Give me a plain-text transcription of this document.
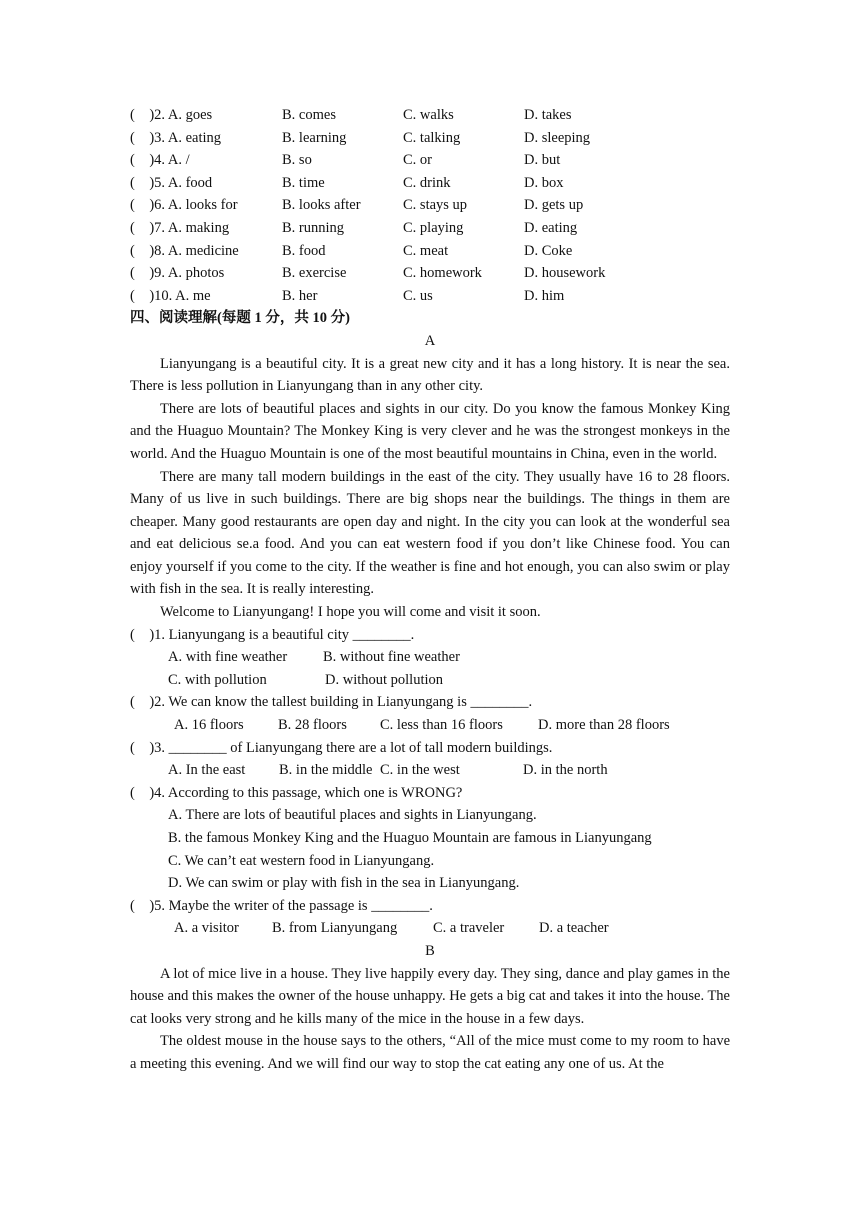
(    )2. A. goes	B. comes	C. walks	D. takes
(    )3. A. eating	B. learning	C. talking	D. sleeping
(    )4. A. /	B. so	C. or	D. but
(    )5. A. food	B. time	C. drink	D. box
(    )6. A. looks for	B. looks after	C. stays up	D. gets up
(    )7. A. making	B. running	C. playing	D. eating
(    )8. A. medicine	B. food	C. meat	D. Coke
(    )9. A. photos	B. exercise	C. homework	D. housework
(    )10. A. me	B. her	C. us	D. him
四、阅读理解(每题 1 分，共 10 分)
A

Lianyungang is a beautiful city. It is a great new city and it has a long history. It is near the sea. There is less pollution in Lianyungang than in any other city.

There are lots of beautiful places and sights in our city. Do you know the famous Monkey King and the Huaguo Mountain? The Monkey King is very clever and he was the strongest monkeys in the world. And the Huaguo Mountain is one of the most beautiful mountains in China, even in the world.

There are many tall modern buildings in the east of the city. They usually have 16 to 28 floors. Many of us live in such buildings. There are big shops near the buildings. The things in them are cheaper. Many good restaurants are open day and night. In the city you can look at the wonderful sea and eat delicious se.a food. And you can eat western food if you don’t like Chinese food. You can enjoy yourself if you come to the city. If the weather is fine and hot enough, you can also swim or play with fish in the sea. It is really interesting.

Welcome to Lianyungang! I hope you will come and visit it soon.

(    )1. Lianyungang is a beautiful city ________.
A. with fine weather B. without fine weather
C. with pollution	D. without pollution
(    )2. We can know the tallest building in Lianyungang is ________.
A. 16 floors B. 28 floors C. less than 16 floors D. more than 28 floors
(    )3. ________ of Lianyungang there are a lot of tall modern buildings.
A. In the east B. in the middle C. in the west	D. in the north
(    )4. According to this passage, which one is WRONG?
A. There are lots of beautiful places and sights in Lianyungang.
B. the famous Monkey King and the Huaguo Mountain are famous in Lianyungang
C. We can’t eat western food in Lianyungang.
D. We can swim or play with fish in the sea in Lianyungang.
(    )5. Maybe the writer of the passage is ________.
A. a visitor B. from Lianyungang C. a traveler D. a teacher
B

A lot of mice live in a house. They live happily every day. They sing, dance and play games in the house and this makes the owner of the house unhappy. He gets a big cat and takes it into the house. The cat looks very strong and he kills many of the mice in the house in a few days.

The oldest mouse in the house says to the others, “All of the mice must come to my room to have a meeting this evening. And we will find our way to stop the cat eating any one of us. At the
